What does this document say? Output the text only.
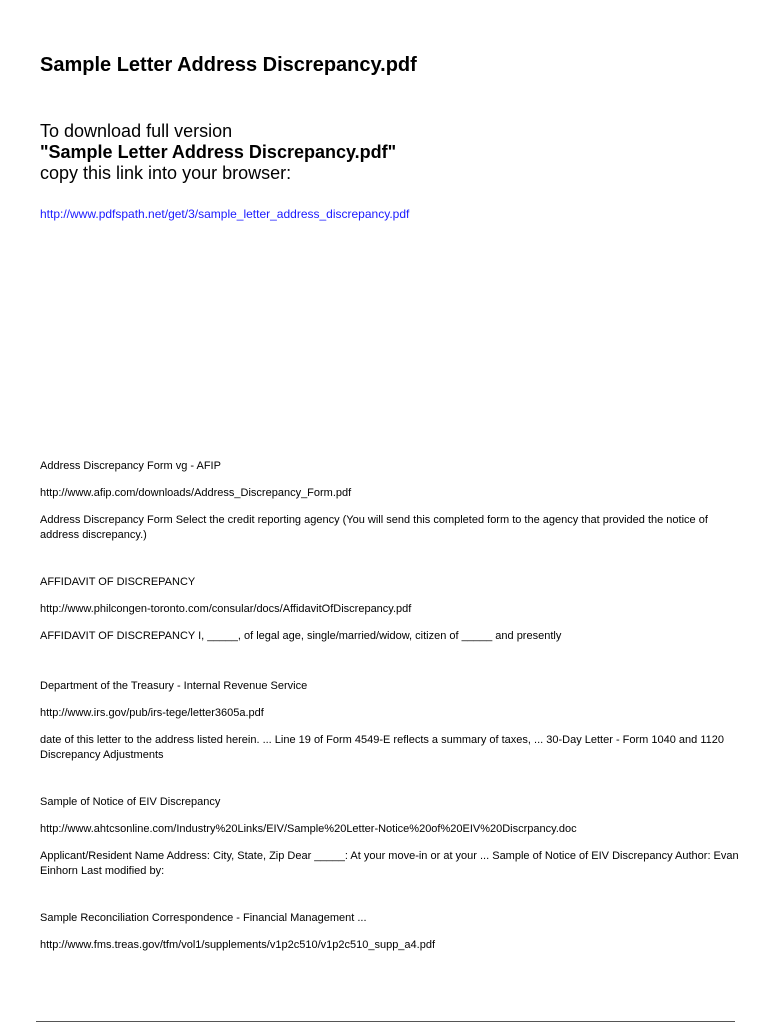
Sample Letter Address Discrepancy.pdf
To download full version
"Sample Letter Address Discrepancy.pdf"
copy this link into your browser:
http://www.pdfspath.net/get/3/sample_letter_address_discrepancy.pdf

Address Discrepancy Form vg - AFIP

http://www.afip.com/downloads/Address_Discrepancy_Form.pdf

Address Discrepancy Form Select the credit reporting agency (You will send this completed form to the agency that provided the notice of address discrepancy.)

AFFIDAVIT OF DISCREPANCY

http://www.philcongen-toronto.com/consular/docs/AffidavitOfDiscrepancy.pdf

AFFIDAVIT OF DISCREPANCY I, _____, of legal age, single/married/widow, citizen of _____ and presently

Department of the Treasury - Internal Revenue Service

http://www.irs.gov/pub/irs-tege/letter3605a.pdf

date of this letter to the address listed herein. ... Line 19 of Form 4549-E reflects a summary of taxes, ... 30-Day Letter - Form 1040 and 1120 Discrepancy Adjustments

Sample of Notice of EIV Discrepancy

http://www.ahtcsonline.com/Industry%20Links/EIV/Sample%20Letter-Notice%20of%20EIV%20Discrpancy.doc

Applicant/Resident Name Address: City, State, Zip Dear _____: At your move-in or at your ... Sample of Notice of EIV Discrepancy Author: Evan Einhorn Last modified by:

Sample Reconciliation Correspondence - Financial Management ...

http://www.fms.treas.gov/tfm/vol1/supplements/v1p2c510/v1p2c510_supp_a4.pdf
